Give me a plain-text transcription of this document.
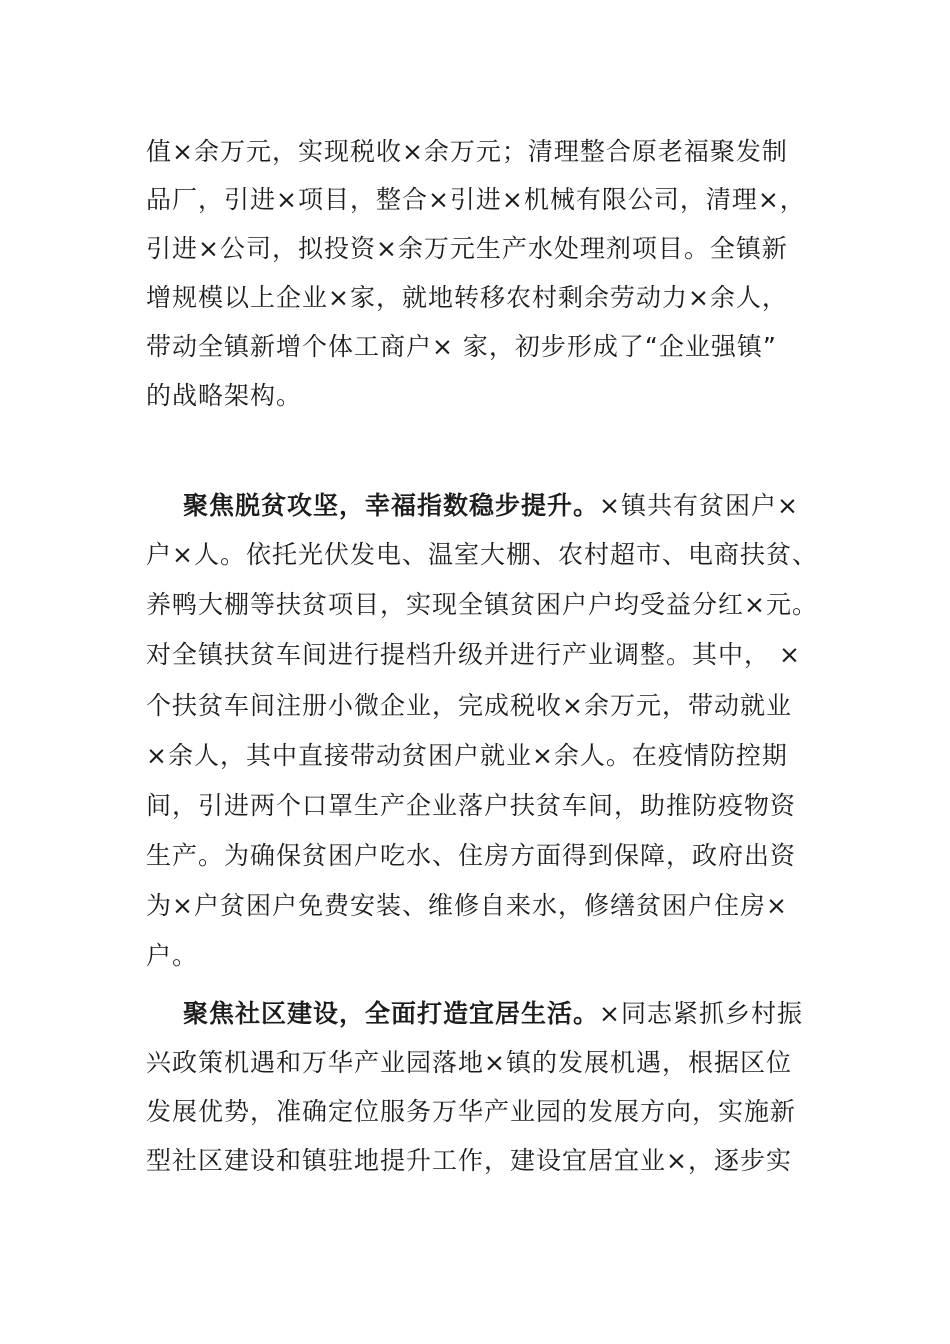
值×余万元，实现税收×余万元；清理整合原老福聚发制
品厂，引进×项目，整合×引进×机械有限公司，清理×，
引进×公司，拟投资×余万元生产水处理剂项目。全镇新
增规模以上企业×家，就地转移农村剩余劳动力×余人，
带动全镇新增个体工商户× 家，初步形成了“企业强镇”
的战略架构。
聚焦脱贫攻坚，幸福指数稳步提升。×镇共有贫困户×
户×人。依托光伏发电、温室大棚、农村超市、电商扶贫、
养鸭大棚等扶贫项目，实现全镇贫困户户均受益分红×元。
对全镇扶贫车间进行提档升级并进行产业调整。其中， ×
个扶贫车间注册小微企业，完成税收×余万元，带动就业
×余人，其中直接带动贫困户就业×余人。在疫情防控期
间，引进两个口罩生产企业落户扶贫车间，助推防疫物资
生产。为确保贫困户吃水、住房方面得到保障，政府出资
为×户贫困户免费安装、维修自来水，修缮贫困户住房×
户。
聚焦社区建设，全面打造宜居生活。×同志紧抓乡村振
兴政策机遇和万华产业园落地×镇的发展机遇，根据区位
发展优势，准确定位服务万华产业园的发展方向，实施新
型社区建设和镇驻地提升工作，建设宜居宜业×，逐步实
